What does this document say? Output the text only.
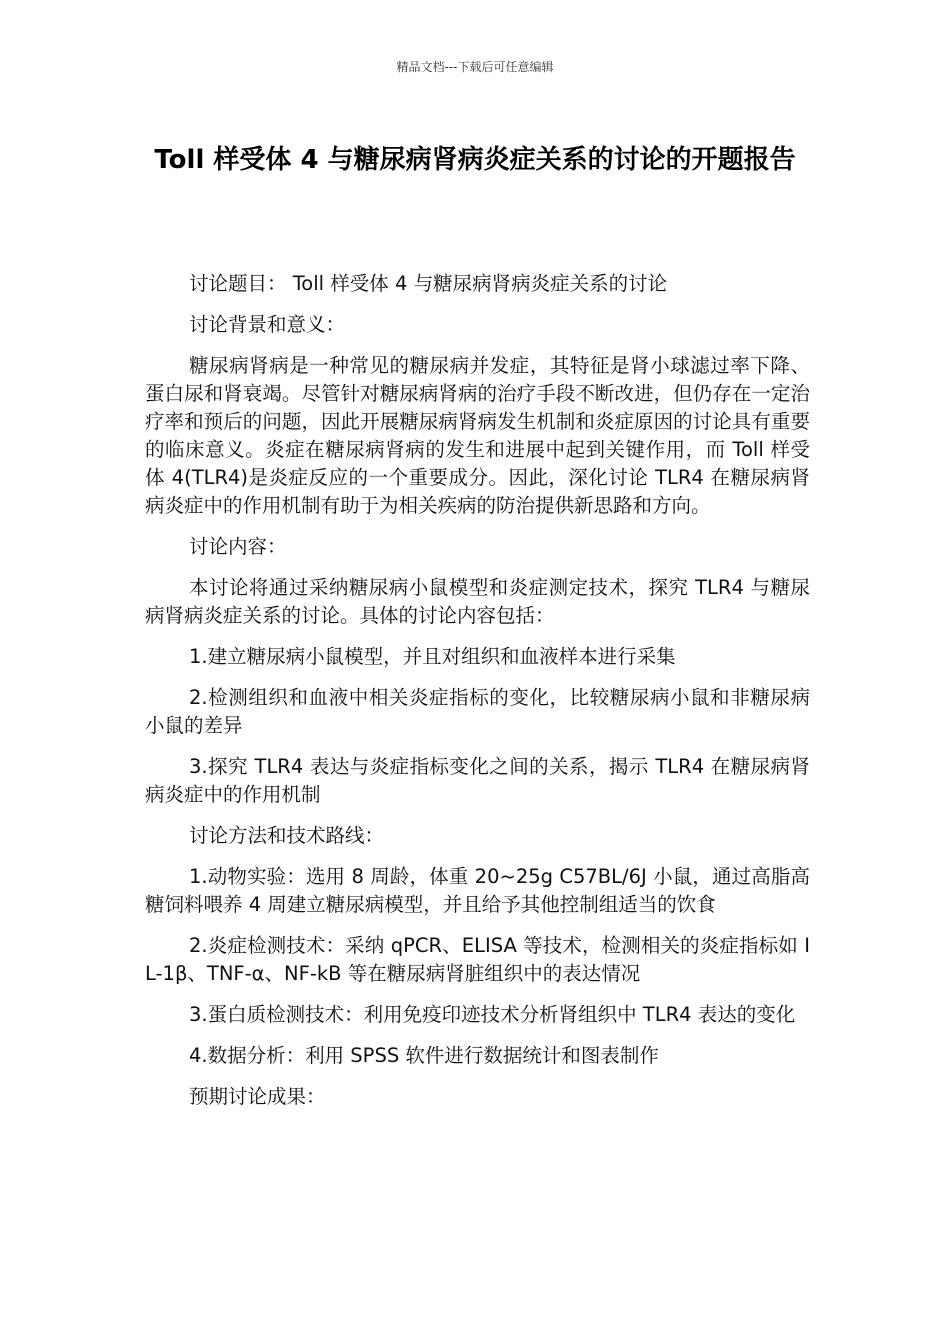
精品文档---下载后可任意编辑
Toll 样受体 4 与糖尿病肾病炎症关系的讨论的开题报告

讨论题目： Toll 样受体 4 与糖尿病肾病炎症关系的讨论

讨论背景和意义：

糖尿病肾病是一种常见的糖尿病并发症，其特征是肾小球滤过率下降、蛋白尿和肾衰竭。尽管针对糖尿病肾病的治疗手段不断改进，但仍存在一定治疗率和预后的问题，因此开展糖尿病肾病发生机制和炎症原因的讨论具有重要的临床意义。炎症在糖尿病肾病的发生和进展中起到关键作用，而 Toll 样受体 4(TLR4)是炎症反应的一个重要成分。因此，深化讨论 TLR4 在糖尿病肾病炎症中的作用机制有助于为相关疾病的防治提供新思路和方向。

讨论内容：

本讨论将通过采纳糖尿病小鼠模型和炎症测定技术，探究 TLR4 与糖尿病肾病炎症关系的讨论。具体的讨论内容包括：

1.建立糖尿病小鼠模型，并且对组织和血液样本进行采集

2.检测组织和血液中相关炎症指标的变化，比较糖尿病小鼠和非糖尿病小鼠的差异

3.探究 TLR4 表达与炎症指标变化之间的关系，揭示 TLR4 在糖尿病肾病炎症中的作用机制

讨论方法和技术路线：

1.动物实验：选用 8 周龄，体重 20~25g C57BL/6J 小鼠，通过高脂高糖饲料喂养 4 周建立糖尿病模型，并且给予其他控制组适当的饮食

2.炎症检测技术：采纳 qPCR、ELISA 等技术，检测相关的炎症指标如 IL-1β、TNF-α、NF-kB 等在糖尿病肾脏组织中的表达情况

3.蛋白质检测技术：利用免疫印迹技术分析肾组织中 TLR4 表达的变化

4.数据分析：利用 SPSS 软件进行数据统计和图表制作

预期讨论成果：
